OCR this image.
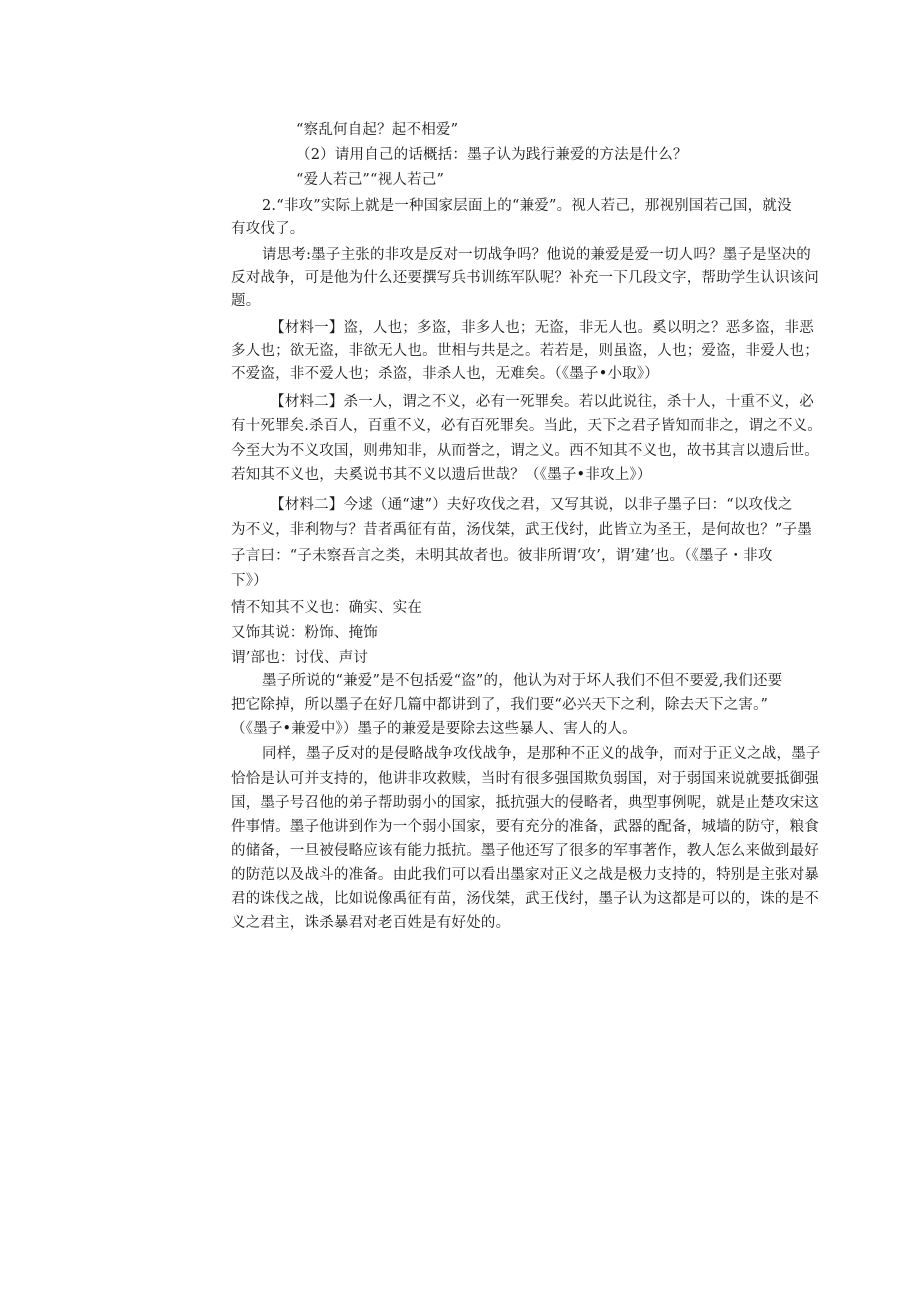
“察乱何自起？起不相爱”

（2）请用自己的话概括：墨子认为践行兼爱的方法是什么？

“爱人若己”“视人若己”

2.“非攻”实际上就是一种国家层面上的“兼爱”。视人若己，那视别国若己国，就没

有攻伐了。

请思考:墨子主张的非攻是反对一切战争吗？他说的兼爱是爱一切人吗？墨子是坚决的

反对战争，可是他为什么还要撰写兵书训练军队呢？补充一下几段文字，帮助学生认识该问

题。

【材料一】盗，人也；多盗，非多人也；无盗，非无人也。奚以明之？恶多盗，非恶

多人也；欲无盗，非欲无人也。世相与共是之。若若是，则虽盗，人也；爱盗，非爱人也；

不爱盗，非不爱人也；杀盗，非杀人也，无难矣。（《墨子•小取》）

【材料二】杀一人，谓之不义，必有一死罪矣。若以此说往，杀十人，十重不义，必

有十死罪矣.杀百人，百重不义，必有百死罪矣。当此，天下之君子皆知而非之，谓之不义。

今至大为不义攻国，则弗知非，从而誉之，谓之义。西不知其不义也，故书其言以遗后世。

若知其不义也，夫奚说书其不义以遗后世哉？（《墨子•非攻上》）

【材料二】今逑（通“逮”）夫好攻伐之君，又写其说，以非子墨子曰：“以攻伐之

为不义，非利物与？昔者禹征有苗，汤伐桀，武王伐纣，此皆立为圣王，是何故也？”子墨

子言曰：“子未察吾言之类，未明其故者也。彼非所谓‘攻’，谓’建’也。（《墨子・非攻

下》）

情不知其不义也：确实、实在

又饰其说：粉饰、掩饰

谓’部也：讨伐、声讨

墨子所说的“兼爱”是不包括爱“盗”的，他认为对于坏人我们不但不要爱,我们还要

把它除掉，所以墨子在好几篇中都讲到了，我们要“必兴天下之利，除去天下之害。”

（《墨子•兼爱中》）墨子的兼爱是要除去这些暴人、害人的人。

同样，墨子反对的是侵略战争攻伐战争，是那种不正义的战争，而对于正义之战，墨子

恰恰是认可并支持的，他讲非攻救赎，当时有很多强国欺负弱国，对于弱国来说就要抵御强

国，墨子号召他的弟子帮助弱小的国家，抵抗强大的侵略者，典型事例呢，就是止楚攻宋这

件事情。墨子他讲到作为一个弱小国家，要有充分的准备，武器的配备，城墙的防守，粮食

的储备，一旦被侵略应该有能力抵抗。墨子他还写了很多的军事著作，教人怎么来做到最好

的防范以及战斗的准备。由此我们可以看出墨家对正义之战是极力支持的，特别是主张对暴

君的诛伐之战，比如说像禹征有苗，汤伐桀，武王伐纣，墨子认为这都是可以的，诛的是不

义之君主，诛杀暴君对老百姓是有好处的。
